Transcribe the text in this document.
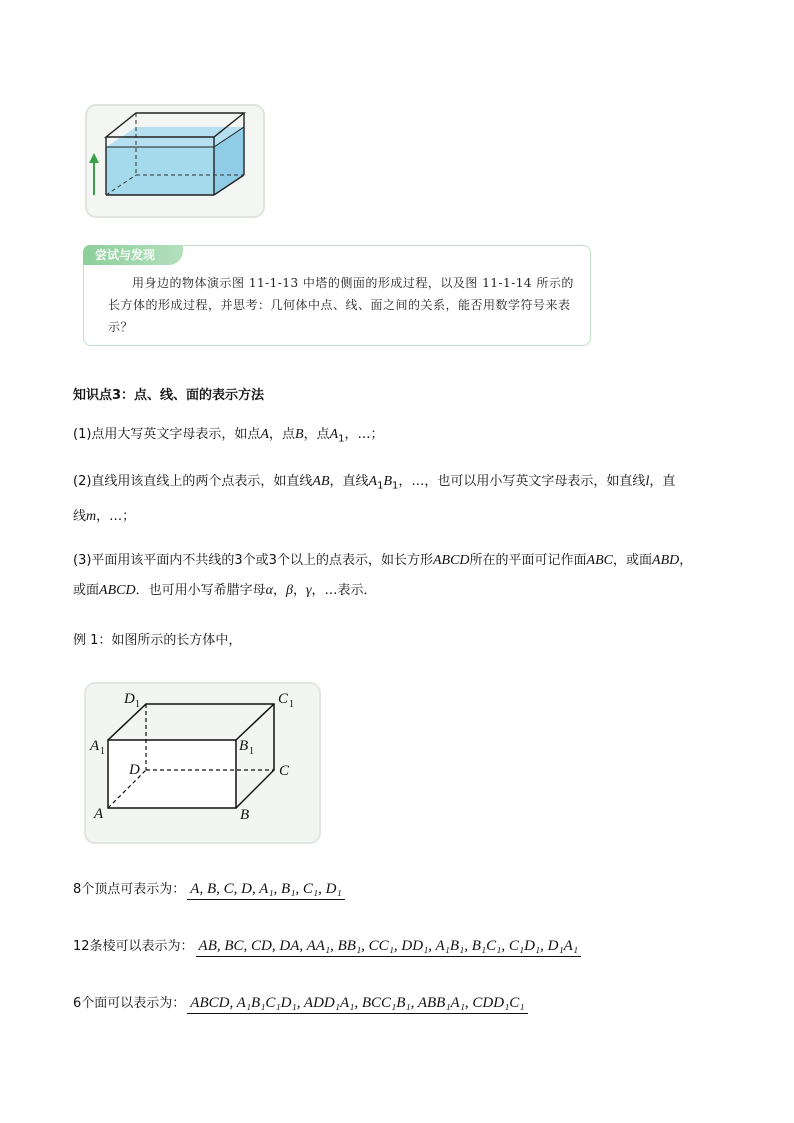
尝试与发现
用身边的物体演示图 11-1-13 中塔的侧面的形成过程，以及图 11-1-14 所示的长方体的形成过程，并思考：几何体中点、线、面之间的关系，能否用数学符号来表示？
知识点3：点、线、面的表示方法
(1)点用大写英文字母表示，如点A，点B，点$A_1$，…；
(2)直线用该直线上的两个点表示，如直线AB，直线$A_1B_1$，…，也可以用小写英文字母表示，如直线l，直
线m，…；
(3)平面用该平面内不共线的3个或3个以上的点表示，如长方形ABCD所在的平面可记作面ABC，或面ABD，
或面ABCD．也可用小写希腊字母α，β，γ，…表示．
例 1：如图所示的长方体中，
D 1	C 1
A 1	B 1
D	C
A	B
8个顶点可表示为： A, B, C, D, A₁, B₁, C₁, D₁
12条棱可以表示为： AB, BC, CD, DA, AA₁, BB₁, CC₁, DD₁, A₁B₁, B₁C₁, C₁D₁, D₁A₁
6个面可以表示为： ABCD, A₁B₁C₁D₁, ADD₁A₁, BCC₁B₁, ABB₁A₁, CDD₁C₁
